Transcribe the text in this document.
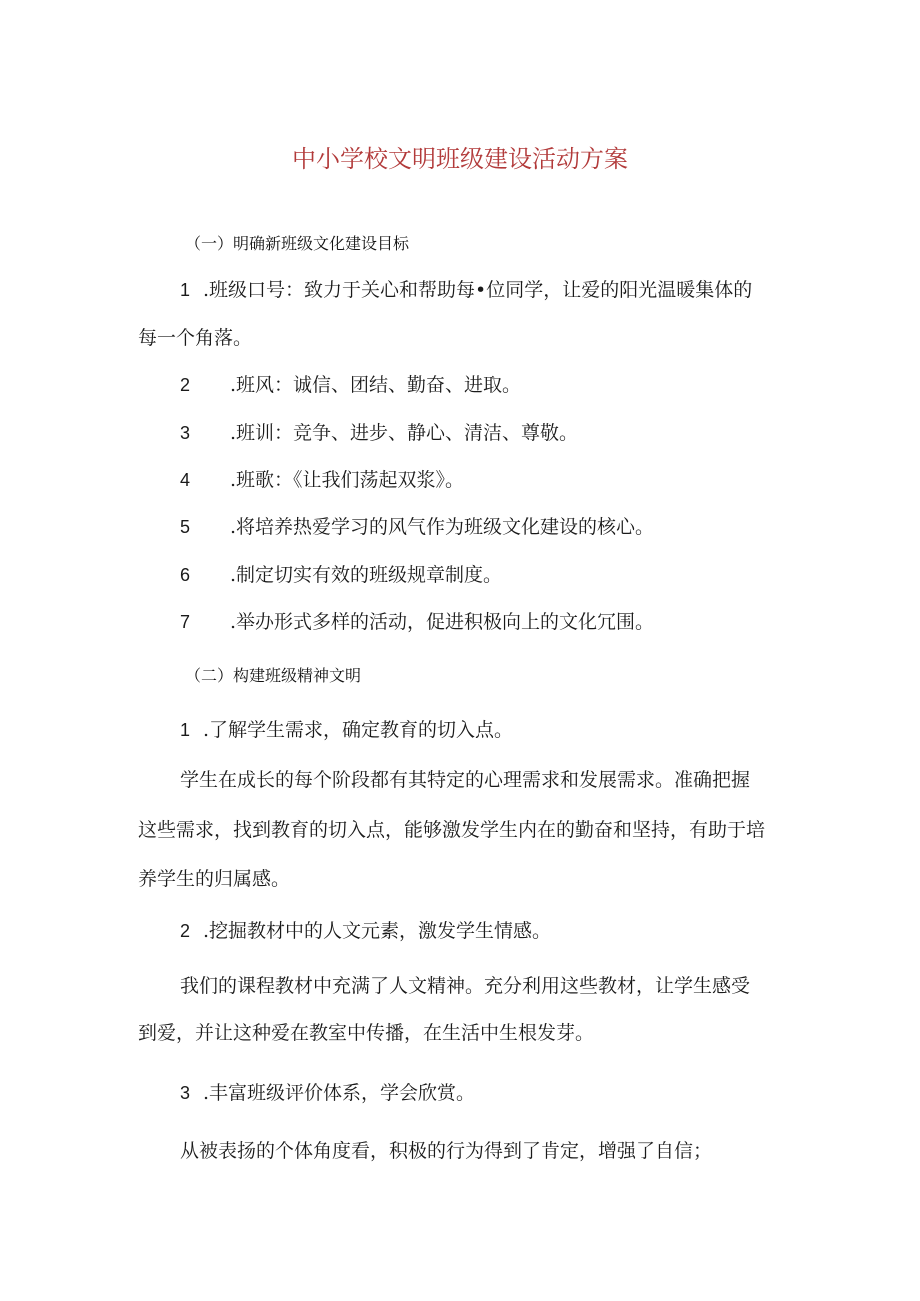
中小学校文明班级建设活动方案
（一）明确新班级文化建设目标
1 .班级口号：致力于关心和帮助每•位同学，让爱的阳光温暖集体的
每一个角落。
2 .班风：诚信、团结、勤奋、进取。
3 .班训：竞争、进步、静心、清洁、尊敬。
4 .班歌：《让我们荡起双浆》。
5 .将培养热爱学习的风气作为班级文化建设的核心。
6 .制定切实有效的班级规章制度。
7 .举办形式多样的活动，促进积极向上的文化冗围。
（二）构建班级精神文明
1 .了解学生需求，确定教育的切入点。
学生在成长的每个阶段都有其特定的心理需求和发展需求。准确把握
这些需求，找到教育的切入点，能够激发学生内在的勤奋和坚持，有助于培
养学生的归属感。
2 .挖掘教材中的人文元素，激发学生情感。
我们的课程教材中充满了人文精神。充分利用这些教材，让学生感受
到爱，并让这种爱在教室中传播，在生活中生根发芽。
3 .丰富班级评价体系，学会欣赏。
从被表扬的个体角度看，积极的行为得到了肯定，增强了自信；
